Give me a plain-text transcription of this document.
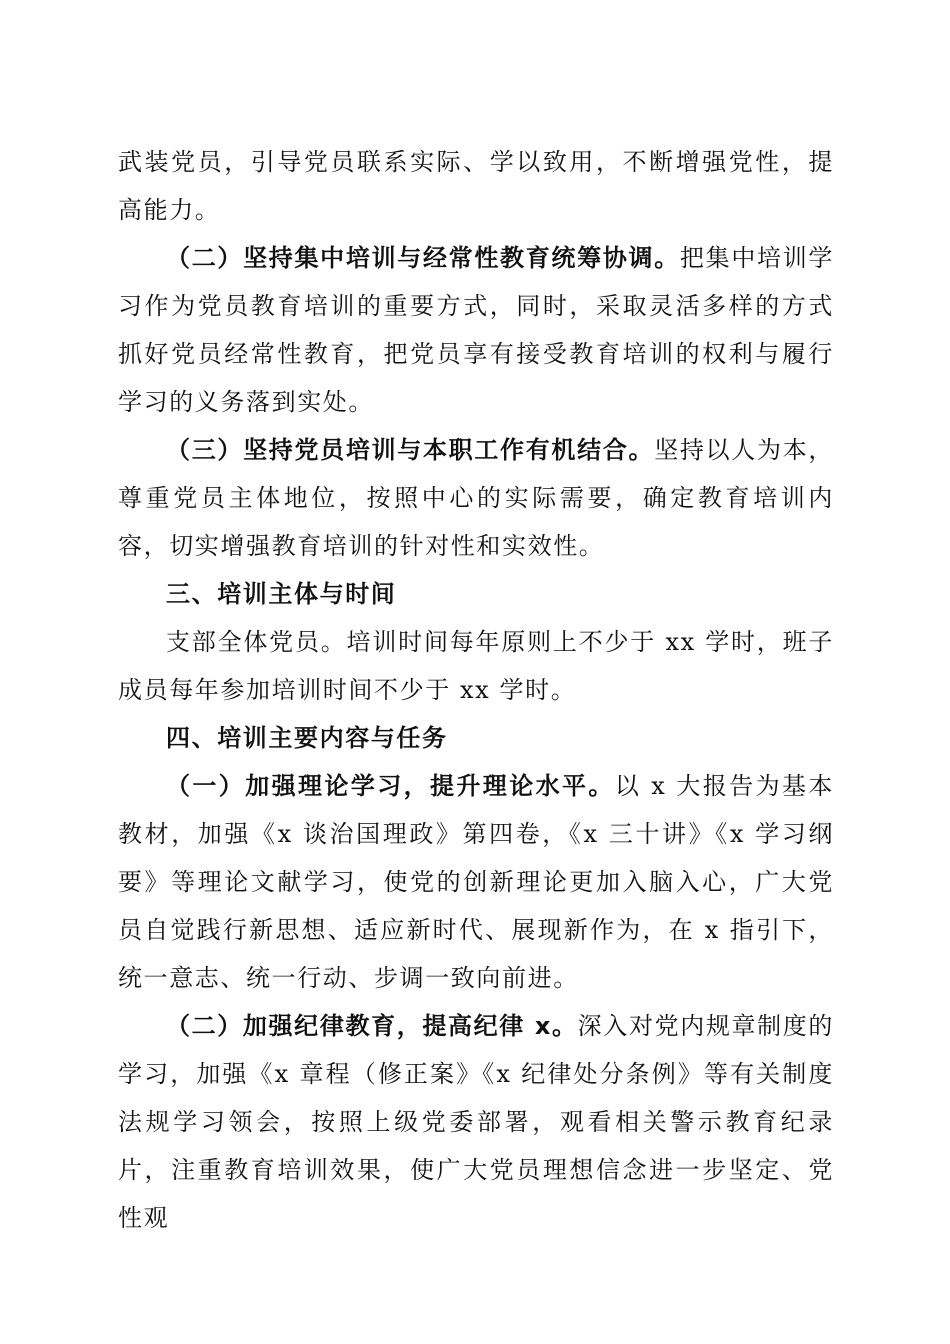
武装党员，引导党员联系实际、学以致用，不断增强党性，提高能力。

（二）坚持集中培训与经常性教育统筹协调。把集中培训学习作为党员教育培训的重要方式，同时，采取灵活多样的方式抓好党员经常性教育，把党员享有接受教育培训的权利与履行学习的义务落到实处。

（三）坚持党员培训与本职工作有机结合。坚持以人为本，尊重党员主体地位，按照中心的实际需要，确定教育培训内容，切实增强教育培训的针对性和实效性。

三、培训主体与时间

支部全体党员。培训时间每年原则上不少于 xx 学时，班子成员每年参加培训时间不少于 xx 学时。

四、培训主要内容与任务

（一）加强理论学习，提升理论水平。以 x 大报告为基本教材，加强《x 谈治国理政》第四卷，《x 三十讲》《x 学习纲要》等理论文献学习，使党的创新理论更加入脑入心，广大党员自觉践行新思想、适应新时代、展现新作为，在 x 指引下，统一意志、统一行动、步调一致向前进。

（二）加强纪律教育，提高纪律 x。深入对党内规章制度的学习，加强《x 章程（修正案》《x 纪律处分条例》等有关制度法规学习领会，按照上级党委部署，观看相关警示教育纪录片，注重教育培训效果，使广大党员理想信念进一步坚定、党性观
